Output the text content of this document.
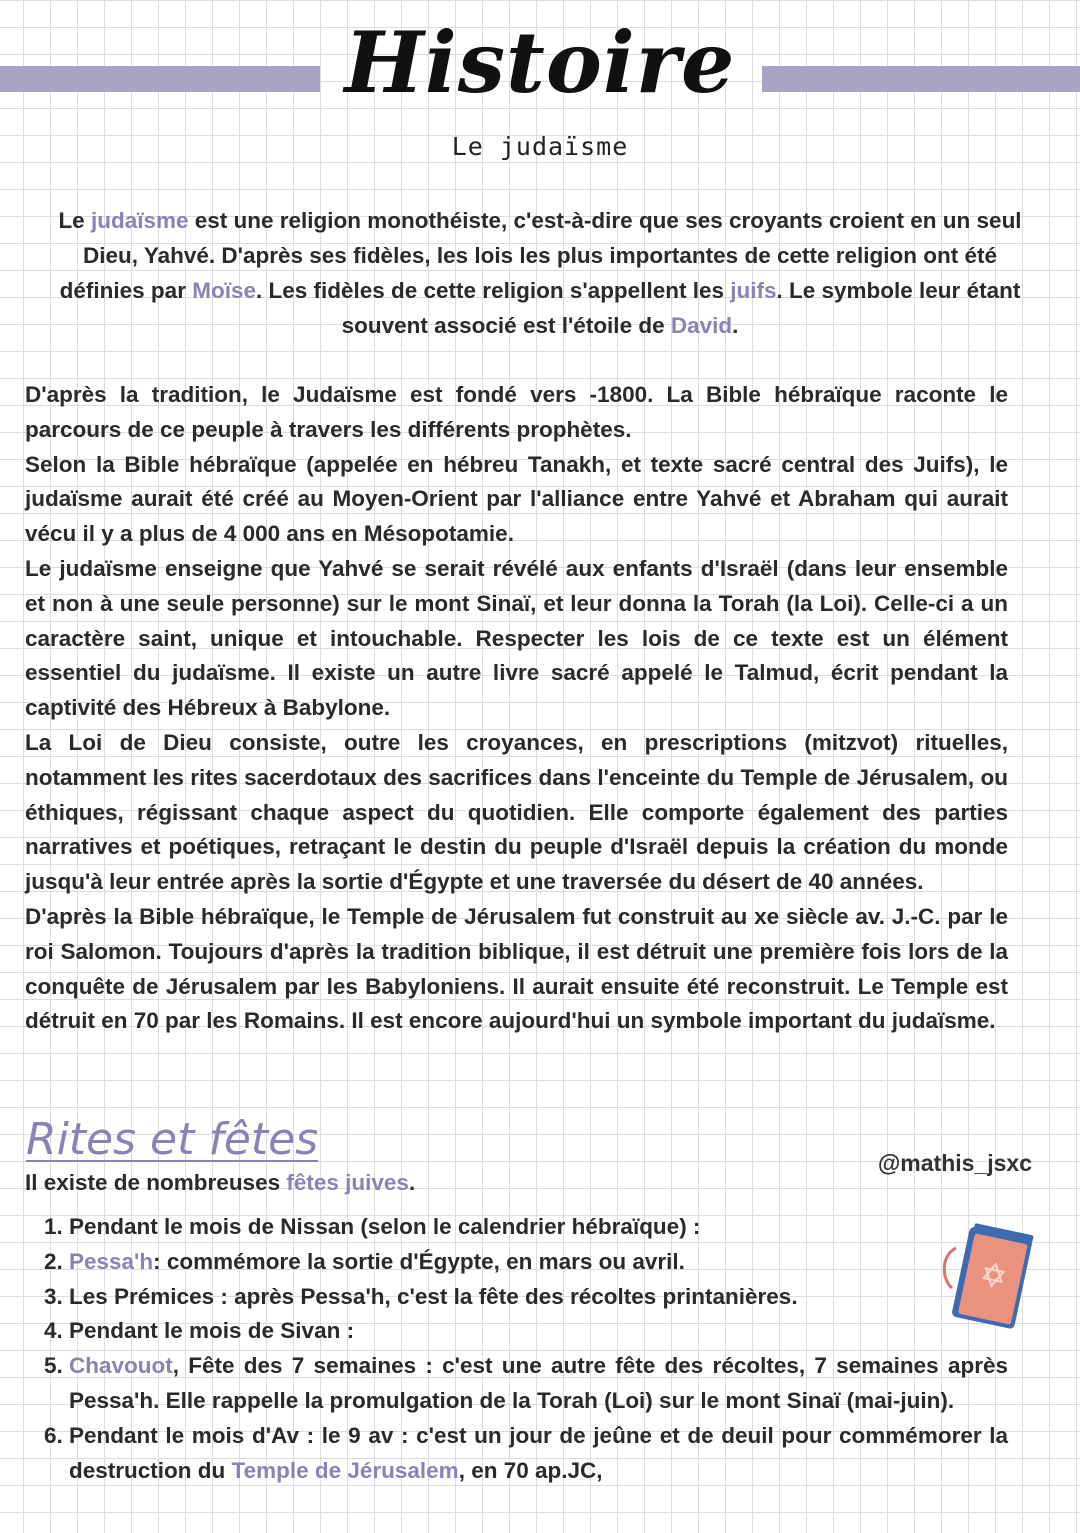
Histoire
Le judaïsme
Le judaïsme est une religion monothéiste, c'est-à-dire que ses croyants croient en un seul Dieu, Yahvé. D'après ses fidèles, les lois les plus importantes de cette religion ont été définies par Moïse. Les fidèles de cette religion s'appellent les juifs. Le symbole leur étant souvent associé est l'étoile de David.

D'après la tradition, le Judaïsme est fondé vers -1800. La Bible hébraïque raconte le parcours de ce peuple à travers les différents prophètes.

Selon la Bible hébraïque (appelée en hébreu Tanakh, et texte sacré central des Juifs), le judaïsme aurait été créé au Moyen-Orient par l'alliance entre Yahvé et Abraham qui aurait vécu il y a plus de 4 000 ans en Mésopotamie.

Le judaïsme enseigne que Yahvé se serait révélé aux enfants d'Israël (dans leur ensemble et non à une seule personne) sur le mont Sinaï, et leur donna la Torah (la Loi). Celle-ci a un caractère saint, unique et intouchable. Respecter les lois de ce texte est un élément essentiel du judaïsme. Il existe un autre livre sacré appelé le Talmud, écrit pendant la captivité des Hébreux à Babylone.

La Loi de Dieu consiste, outre les croyances, en prescriptions (mitzvot) rituelles, notamment les rites sacerdotaux des sacrifices dans l'enceinte du Temple de Jérusalem, ou éthiques, régissant chaque aspect du quotidien. Elle comporte également des parties narratives et poétiques, retraçant le destin du peuple d'Israël depuis la création du monde jusqu'à leur entrée après la sortie d'Égypte et une traversée du désert de 40 années.

D'après la Bible hébraïque, le Temple de Jérusalem fut construit au xe siècle av. J.-C. par le roi Salomon. Toujours d'après la tradition biblique, il est détruit une première fois lors de la conquête de Jérusalem par les Babyloniens. Il aurait ensuite été reconstruit. Le Temple est détruit en 70 par les Romains. Il est encore aujourd'hui un symbole important du judaïsme.

Rites et fêtes	@mathis_jsxc
Il existe de nombreuses fêtes juives.
1. Pendant le mois de Nissan (selon le calendrier hébraïque) :
2. Pessa'h: commémore la sortie d'Égypte, en mars ou avril.
3. Les Prémices : après Pessa'h, c'est la fête des récoltes printanières.
4. Pendant le mois de Sivan :
5. Chavouot, Fête des 7 semaines : c'est une autre fête des récoltes, 7 semaines après Pessa'h. Elle rappelle la promulgation de la Torah (Loi) sur le mont Sinaï (mai-juin).
6. Pendant le mois d'Av : le 9 av : c'est un jour de jeûne et de deuil pour commémorer la destruction du Temple de Jérusalem, en 70 ap.JC,
